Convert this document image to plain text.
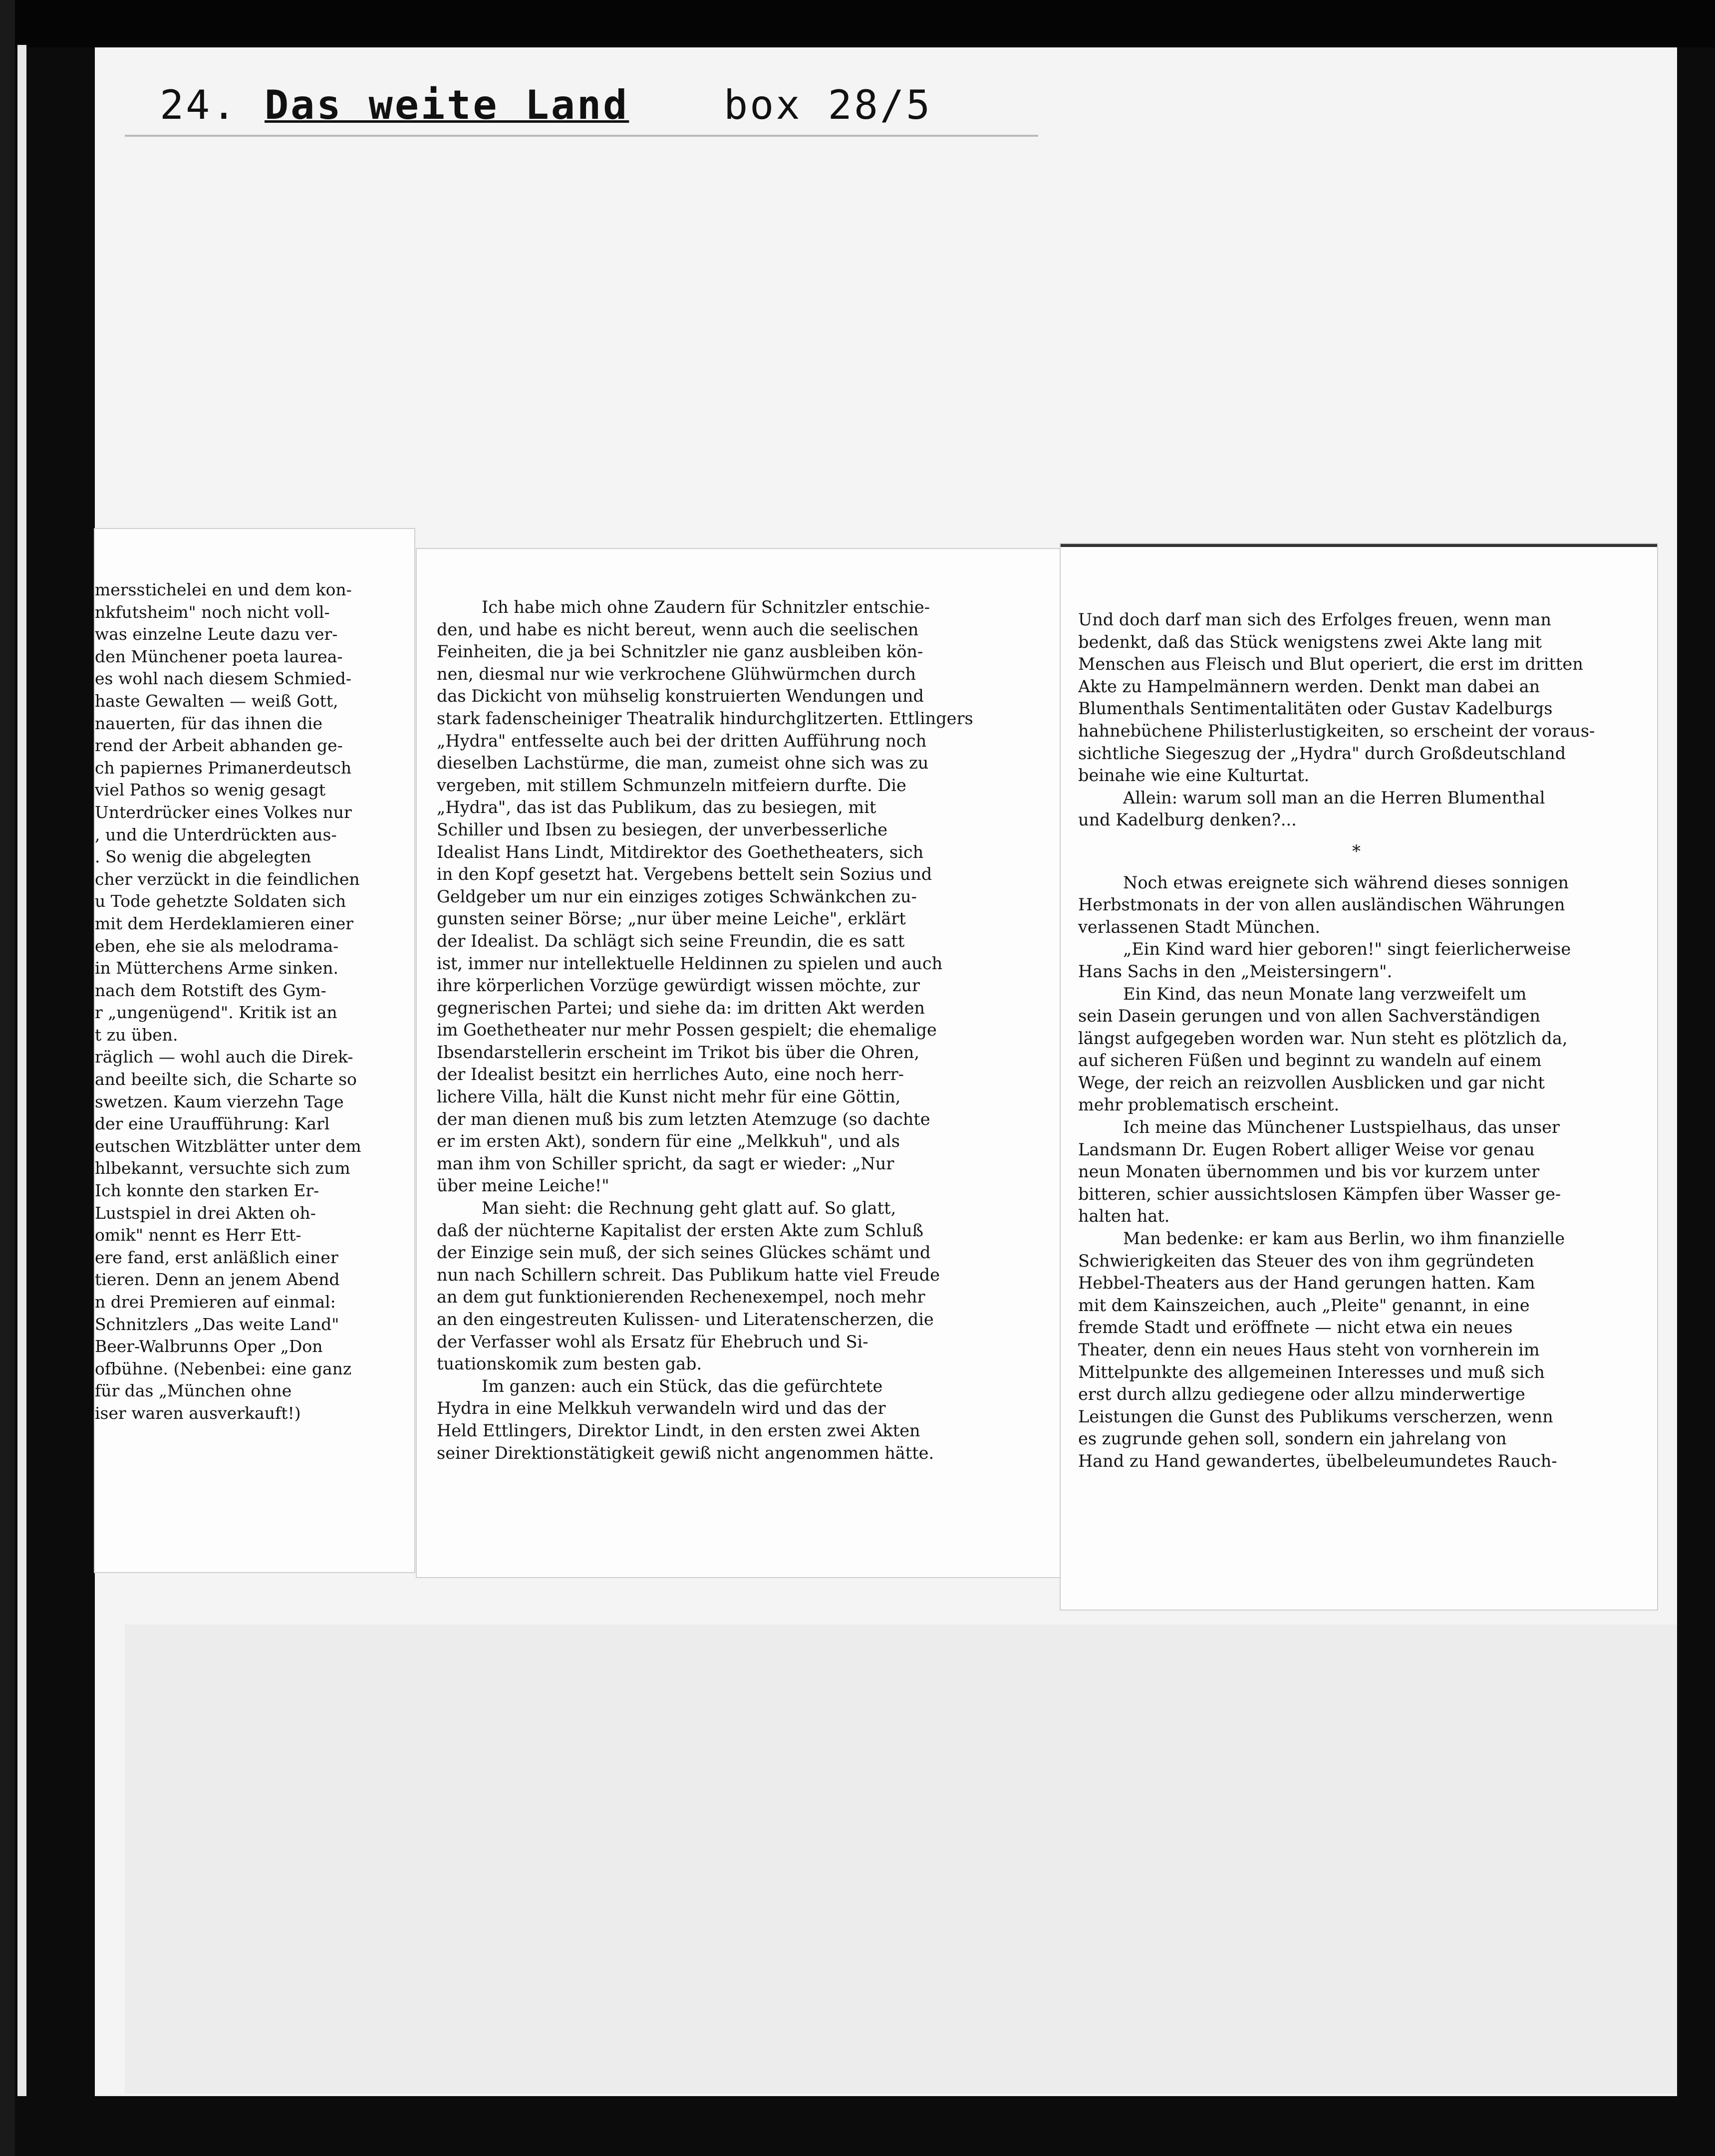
24. Das weite Land	box 28/5

mersstichelei en und dem kon-

nkfutsheim" noch nicht voll-

was einzelne Leute dazu ver-

den Münchener poeta laurea-

es wohl nach diesem Schmied-

haste Gewalten — weiß Gott,

nauerten, für das ihnen die

rend der Arbeit abhanden ge-

ch papiernes Primanerdeutsch

viel Pathos so wenig gesagt

Unterdrücker eines Volkes nur

, und die Unterdrückten aus-

. So wenig die abgelegten

cher verzückt in die feindlichen

u Tode gehetzte Soldaten sich

mit dem Herdeklamieren einer

eben, ehe sie als melodrama-

in Mütterchens Arme sinken.

nach dem Rotstift des Gym-

r „ungenügend". Kritik ist an

t zu üben.

räglich — wohl auch die Direk-

and beeilte sich, die Scharte so

swetzen. Kaum vierzehn Tage

der eine Uraufführung: Karl

eutschen Witzblätter unter dem

hlbekannt, versuchte sich zum

Ich konnte den starken Er-

Lustspiel in drei Akten oh-

omik" nennt es Herr Ett-

ere fand, erst anläßlich einer

tieren. Denn an jenem Abend

n drei Premieren auf einmal:

Schnitzlers „Das weite Land"

Beer-Walbrunns Oper „Don

ofbühne. (Nebenbei: eine ganz

für das „München ohne

iser waren ausverkauft!)

Ich habe mich ohne Zaudern für Schnitzler entschie-

den, und habe es nicht bereut, wenn auch die seelischen

Feinheiten, die ja bei Schnitzler nie ganz ausbleiben kön-

nen, diesmal nur wie verkrochene Glühwürmchen durch

das Dickicht von mühselig konstruierten Wendungen und

stark fadenscheiniger Theatralik hindurchglitzerten. Ettlingers

„Hydra" entfesselte auch bei der dritten Aufführung noch

dieselben Lachstürme, die man, zumeist ohne sich was zu

vergeben, mit stillem Schmunzeln mitfeiern durfte. Die

„Hydra", das ist das Publikum, das zu besiegen, mit

Schiller und Ibsen zu besiegen, der unverbesserliche

Idealist Hans Lindt, Mitdirektor des Goethetheaters, sich

in den Kopf gesetzt hat. Vergebens bettelt sein Sozius und

Geldgeber um nur ein einziges zotiges Schwänkchen zu-

gunsten seiner Börse; „nur über meine Leiche", erklärt

der Idealist. Da schlägt sich seine Freundin, die es satt

ist, immer nur intellektuelle Heldinnen zu spielen und auch

ihre körperlichen Vorzüge gewürdigt wissen möchte, zur

gegnerischen Partei; und siehe da: im dritten Akt werden

im Goethetheater nur mehr Possen gespielt; die ehemalige

Ibsendarstellerin erscheint im Trikot bis über die Ohren,

der Idealist besitzt ein herrliches Auto, eine noch herr-

lichere Villa, hält die Kunst nicht mehr für eine Göttin,

der man dienen muß bis zum letzten Atemzuge (so dachte

er im ersten Akt), sondern für eine „Melkkuh", und als

man ihm von Schiller spricht, da sagt er wieder: „Nur

über meine Leiche!"

Man sieht: die Rechnung geht glatt auf. So glatt,

daß der nüchterne Kapitalist der ersten Akte zum Schluß

der Einzige sein muß, der sich seines Glückes schämt und

nun nach Schillern schreit. Das Publikum hatte viel Freude

an dem gut funktionierenden Rechenexempel, noch mehr

an den eingestreuten Kulissen- und Literatenscherzen, die

der Verfasser wohl als Ersatz für Ehebruch und Si-

tuationskomik zum besten gab.

Im ganzen: auch ein Stück, das die gefürchtete

Hydra in eine Melkkuh verwandeln wird und das der

Held Ettlingers, Direktor Lindt, in den ersten zwei Akten

seiner Direktionstätigkeit gewiß nicht angenommen hätte.

Und doch darf man sich des Erfolges freuen, wenn man

bedenkt, daß das Stück wenigstens zwei Akte lang mit

Menschen aus Fleisch und Blut operiert, die erst im dritten

Akte zu Hampelmännern werden. Denkt man dabei an

Blumenthals Sentimentalitäten oder Gustav Kadelburgs

hahnebüchene Philisterlustigkeiten, so erscheint der voraus-

sichtliche Siegeszug der „Hydra" durch Großdeutschland

beinahe wie eine Kulturtat.

Allein: warum soll man an die Herren Blumenthal

und Kadelburg denken?...

*

Noch etwas ereignete sich während dieses sonnigen

Herbstmonats in der von allen ausländischen Währungen

verlassenen Stadt München.

„Ein Kind ward hier geboren!" singt feierlicherweise

Hans Sachs in den „Meistersingern".

Ein Kind, das neun Monate lang verzweifelt um

sein Dasein gerungen und von allen Sachverständigen

längst aufgegeben worden war. Nun steht es plötzlich da,

auf sicheren Füßen und beginnt zu wandeln auf einem

Wege, der reich an reizvollen Ausblicken und gar nicht

mehr problematisch erscheint.

Ich meine das Münchener Lustspielhaus, das unser

Landsmann Dr. Eugen Robert alliger Weise vor genau

neun Monaten übernommen und bis vor kurzem unter

bitteren, schier aussichtslosen Kämpfen über Wasser ge-

halten hat.

Man bedenke: er kam aus Berlin, wo ihm finanzielle

Schwierigkeiten das Steuer des von ihm gegründeten

Hebbel-Theaters aus der Hand gerungen hatten. Kam

mit dem Kainszeichen, auch „Pleite" genannt, in eine

fremde Stadt und eröffnete — nicht etwa ein neues

Theater, denn ein neues Haus steht von vornherein im

Mittelpunkte des allgemeinen Interesses und muß sich

erst durch allzu gediegene oder allzu minderwertige

Leistungen die Gunst des Publikums verscherzen, wenn

es zugrunde gehen soll, sondern ein jahrelang von

Hand zu Hand gewandertes, übelbeleumundetes Rauch-
